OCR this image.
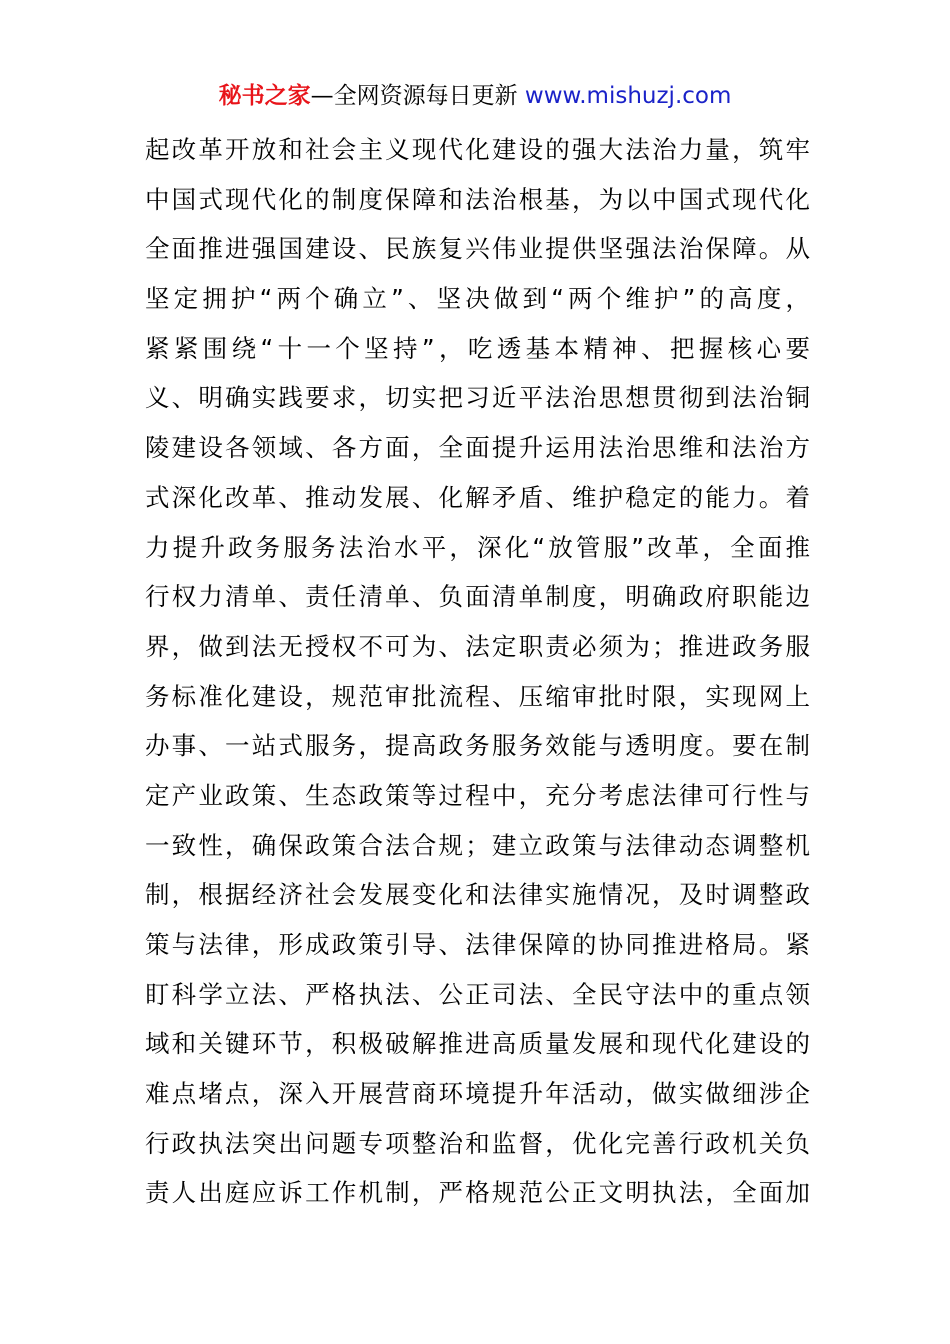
秘书之家—全网资源每日更新 www.mishuzj.com
起改革开放和社会主义现代化建设的强大法治力量，筑牢
中国式现代化的制度保障和法治根基，为以中国式现代化
全面推进强国建设、民族复兴伟业提供坚强法治保障。从
坚定拥护“两个确立”、坚决做到“两个维护”的高度，
紧紧围绕“十一个坚持”，吃透基本精神、把握核心要
义、明确实践要求，切实把习近平法治思想贯彻到法治铜
陵建设各领域、各方面，全面提升运用法治思维和法治方
式深化改革、推动发展、化解矛盾、维护稳定的能力。着
力提升政务服务法治水平，深化“放管服”改革，全面推
行权力清单、责任清单、负面清单制度，明确政府职能边
界，做到法无授权不可为、法定职责必须为；推进政务服
务标准化建设，规范审批流程、压缩审批时限，实现网上
办事、一站式服务，提高政务服务效能与透明度。要在制
定产业政策、生态政策等过程中，充分考虑法律可行性与
一致性，确保政策合法合规；建立政策与法律动态调整机
制，根据经济社会发展变化和法律实施情况，及时调整政
策与法律，形成政策引导、法律保障的协同推进格局。紧
盯科学立法、严格执法、公正司法、全民守法中的重点领
域和关键环节，积极破解推进高质量发展和现代化建设的
难点堵点，深入开展营商环境提升年活动，做实做细涉企
行政执法突出问题专项整治和监督，优化完善行政机关负
责人出庭应诉工作机制，严格规范公正文明执法，全面加
